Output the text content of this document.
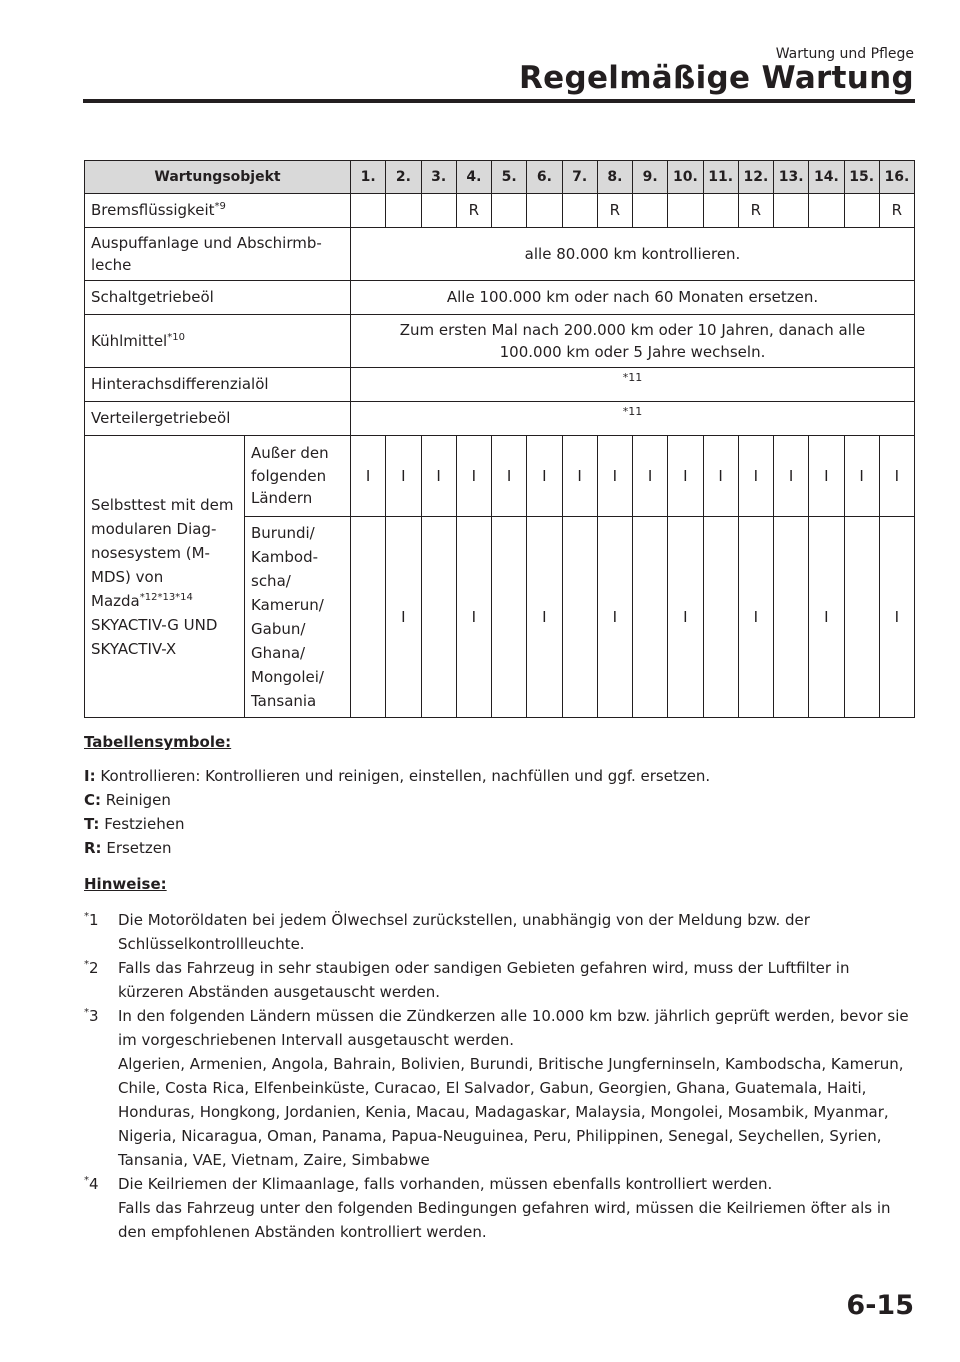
Wartung und Pflege
Regelmäßige Wartung
Wartungsobjekt		1.	2.	3.	4.	5.	6.	7.	8.	9.	10.	11.	12.	13.	14.	15.	16.
Bremsflüssigkeit$^{*9}$					R				R				R				R
Auspuffanlage und Abschirmb-leche		alle 80.000 km kontrollieren.															
Schaltgetriebeöl		Alle 100.000 km oder nach 60 Monaten ersetzen.															
Kühlmittel$^{*10}$		Zum ersten Mal nach 200.000 km oder 10 Jahren, danach alle 100.000 km oder 5 Jahre wechseln.															
Hinterachsdifferenzialöl		*11															

Verteilergetriebeöl		*11															

Selbsttest mit dem modularen Diag-nosesystem (M-MDS) von Mazda$^{*12*13*14}$
SKYACTIV-G UND SKYACTIV-X	Außer den folgenden Ländern	I	I	I	I	I	I	I	I	I	I	I	I	I	I	I	I
	Burundi/ Kambod-scha/ Kamerun/ Gabun/ Ghana/ Mongolei/ Tansania		I		I		I		I		I		I		I		I
Tabellensymbole:
I: Kontrollieren: Kontrollieren und reinigen, einstellen, nachfüllen und ggf. ersetzen.
C: Reinigen
T: Festziehen
R: Ersetzen
Hinweise:
*1	Die Motoröldaten bei jedem Ölwechsel zurückstellen, unabhängig von der Meldung bzw. der Schlüsselkontrollleuchte.
*2	Falls das Fahrzeug in sehr staubigen oder sandigen Gebieten gefahren wird, muss der Luftfilter in kürzeren Abständen ausgetauscht werden.
*3	In den folgenden Ländern müssen die Zündkerzen alle 10.000 km bzw. jährlich geprüft werden, bevor sie im vorgeschriebenen Intervall ausgetauscht werden.
Algerien, Armenien, Angola, Bahrain, Bolivien, Burundi, Britische Jungferninseln, Kambodscha, Kamerun, Chile, Costa Rica, Elfenbeinküste, Curacao, El Salvador, Gabun, Georgien, Ghana, Guatemala, Haiti, Honduras, Hongkong, Jordanien, Kenia, Macau, Madagaskar, Malaysia, Mongolei, Mosambik, Myanmar, Nigeria, Nicaragua, Oman, Panama, Papua-Neuguinea, Peru, Philippinen, Senegal, Seychellen, Syrien, Tansania, VAE, Vietnam, Zaire, Simbabwe
*4	Die Keilriemen der Klimaanlage, falls vorhanden, müssen ebenfalls kontrolliert werden.
Falls das Fahrzeug unter den folgenden Bedingungen gefahren wird, müssen die Keilriemen öfter als in den empfohlenen Abständen kontrolliert werden.
6-15
